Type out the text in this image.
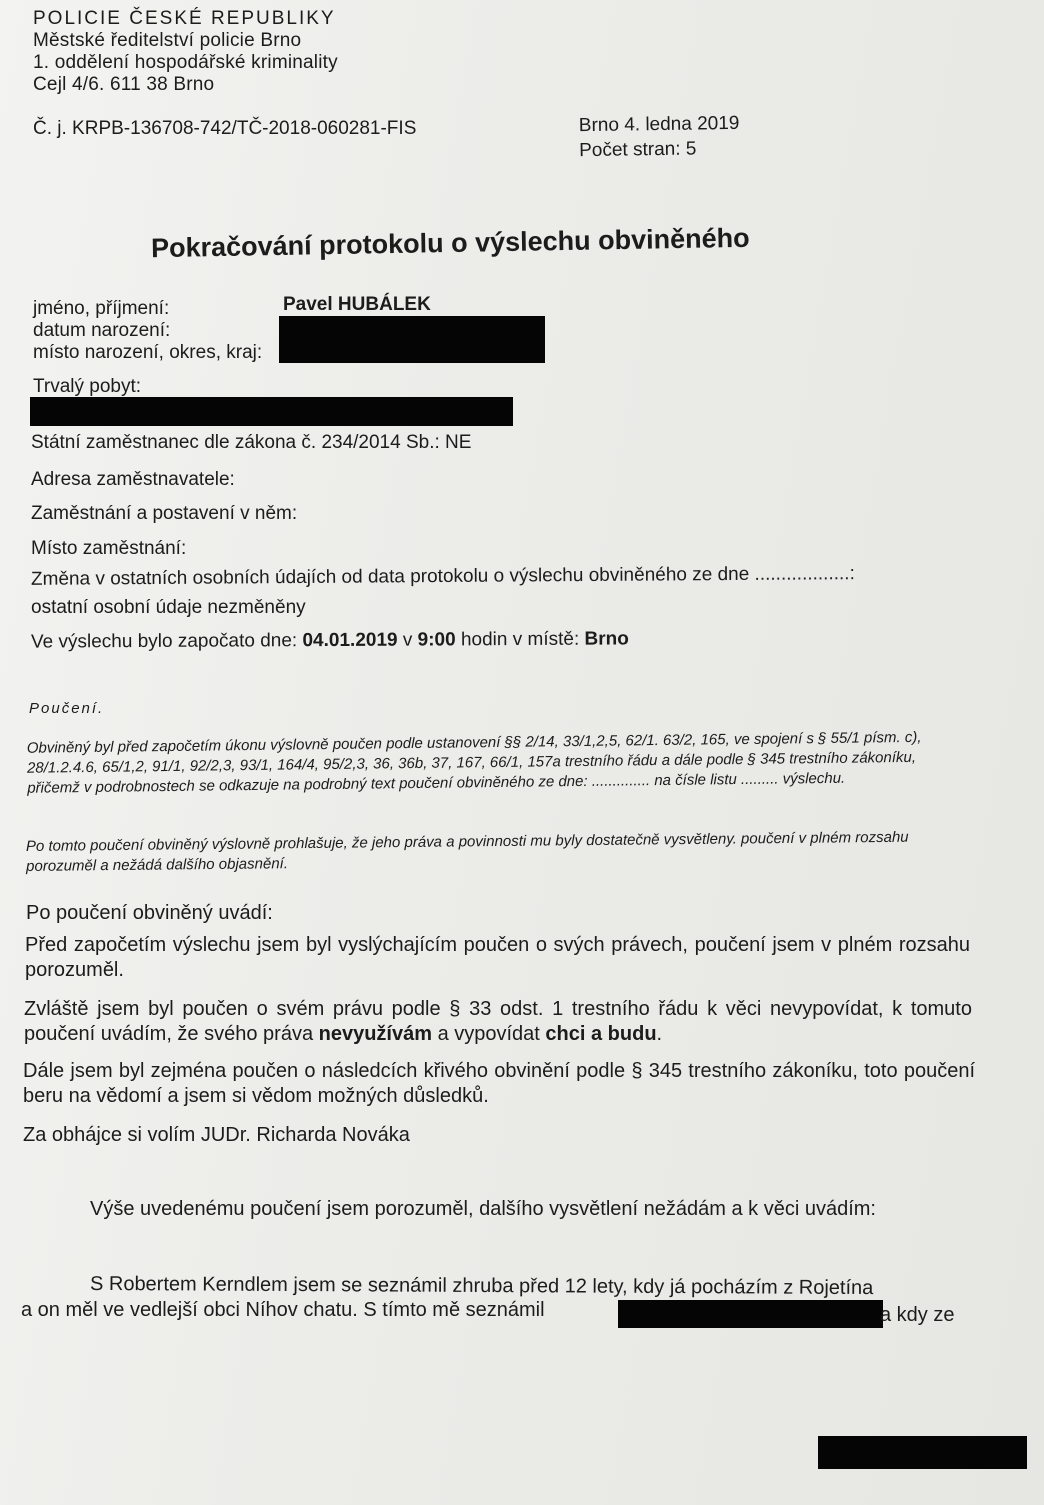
POLICIE ČESKÉ REPUBLIKY
Městské ředitelství policie Brno
1. oddělení hospodářské kriminality
Cejl 4/6. 611 38 Brno
Č. j. KRPB-136708-742/TČ-2018-060281-FIS	Brno 4. ledna 2019
Počet stran: 5
Pokračování protokolu o výslechu obviněného
jméno, příjmení:	Pavel HUBÁLEK
datum narození:
místo narození, okres, kraj:
Trvalý pobyt:
Státní zaměstnanec dle zákona č. 234/2014 Sb.: NE
Adresa zaměstnavatele:
Zaměstnání a postavení v něm:
Místo zaměstnání:
Změna v ostatních osobních údajích od data protokolu o výslechu obviněného ze dne ..................:
ostatní osobní údaje nezměněny
Ve výslechu bylo započato dne: 04.01.2019 v 9:00 hodin v místě: Brno
Poučení.
Obviněný byl před započetím úkonu výslovně poučen podle ustanovení §§ 2/14, 33/1,2,5, 62/1. 63/2, 165, ve spojení s § 55/1 písm. c), 28/1.2.4.6, 65/1,2, 91/1, 92/2,3, 93/1, 164/4, 95/2,3, 36, 36b, 37, 167, 66/1, 157a trestního řádu a dále podle § 345 trestního zákoníku, přičemž v podrobnostech se odkazuje na podrobný text poučení obviněného ze dne: .............. na čísle listu ......... výslechu.
Po tomto poučení obviněný výslovně prohlašuje, že jeho práva a povinnosti mu byly dostatečně vysvětleny. poučení v plném rozsahu porozuměl a nežádá dalšího objasnění.
Po poučení obviněný uvádí:
Před započetím výslechu jsem byl vyslýchajícím poučen o svých právech, poučení jsem v plném rozsahu porozuměl.
Zvláště jsem byl poučen o svém právu podle § 33 odst. 1 trestního řádu k věci nevypovídat, k tomuto poučení uvádím, že svého práva nevyužívám a vypovídat chci a budu.
Dále jsem byl zejména poučen o následcích křivého obvinění podle § 345 trestního zákoníku, toto poučení beru na vědomí a jsem si vědom možných důsledků.
Za obhájce si volím JUDr. Richarda Nováka
Výše uvedenému poučení jsem porozuměl, dalšího vysvětlení nežádám a k věci uvádím:
S Robertem Kerndlem jsem se seznámil zhruba před 12 lety, kdy já pocházím z Rojetína
a on měl ve vedlejší obci Níhov chatu. S tímto mě seznámil	a kdy ze
